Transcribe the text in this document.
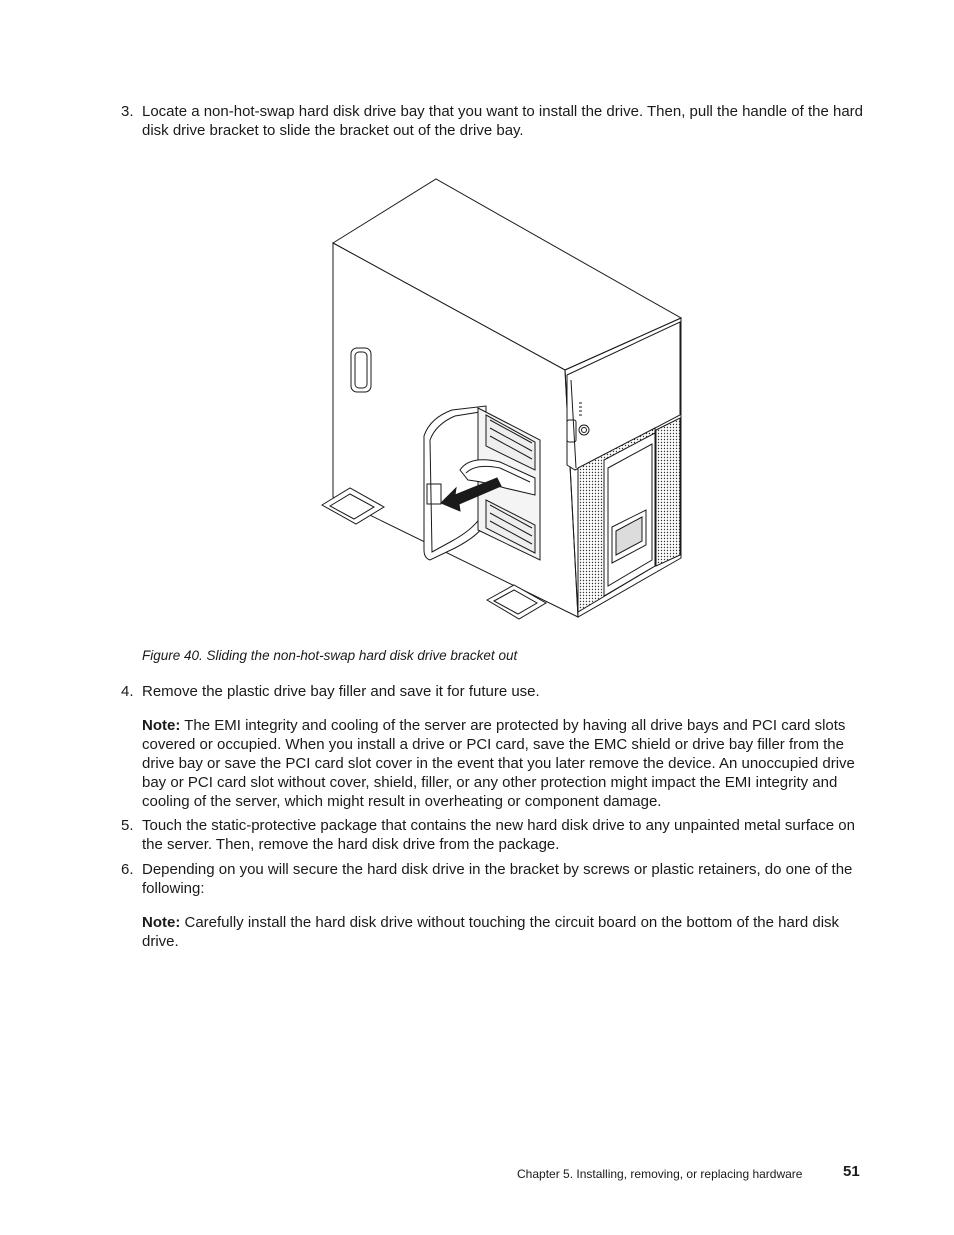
3. Locate a non-hot-swap hard disk drive bay that you want to install the drive. Then, pull the handle of the hard disk drive bracket to slide the bracket out of the drive bay.

Figure 40. Sliding the non-hot-swap hard disk drive bracket out
4. Remove the plastic drive bay filler and save it for future use.

Note: The EMI integrity and cooling of the server are protected by having all drive bays and PCI card slots covered or occupied. When you install a drive or PCI card, save the EMC shield or drive bay filler from the drive bay or save the PCI card slot cover in the event that you later remove the device. An unoccupied drive bay or PCI card slot without cover, shield, filler, or any other protection might impact the EMI integrity and cooling of the server, which might result in overheating or component damage.

5. Touch the static-protective package that contains the new hard disk drive to any unpainted metal surface on the server. Then, remove the hard disk drive from the package.

6. Depending on you will secure the hard disk drive in the bracket by screws or plastic retainers, do one of the following:

Note: Carefully install the hard disk drive without touching the circuit board on the bottom of the hard disk drive.

Chapter 5. Installing, removing, or replacing hardware	51
